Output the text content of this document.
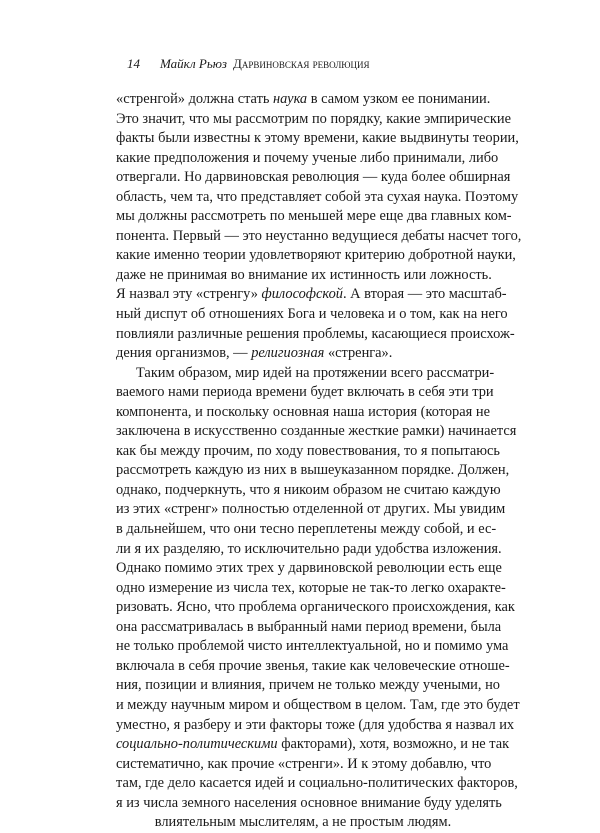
14 Майкл Рьюз Дарвиновская революция
«стренгой» должна стать наука в самом узком ее понимании.
Это значит, что мы рассмотрим по порядку, какие эмпирические
факты были известны к этому времени, какие выдвинуты теории,
какие предположения и почему ученые либо принимали, либо
отвергали. Но дарвиновская революция — куда более обширная
область, чем та, что представляет собой эта сухая наука. Поэтому
мы должны рассмотреть по меньшей мере еще два главных ком-
понента. Первый — это неустанно ведущиеся дебаты насчет того,
какие именно теории удовлетворяют критерию добротной науки,
даже не принимая во внимание их истинность или ложность.
Я назвал эту «стренгу» философской. А вторая — это масштаб-
ный диспут об отношениях Бога и человека и о том, как на него
повлияли различные решения проблемы, касающиеся происхож-
дения организмов, — религиозная «стренга».
Таким образом, мир идей на протяжении всего рассматри-
ваемого нами периода времени будет включать в себя эти три
компонента, и поскольку основная наша история (которая не
заключена в искусственно созданные жесткие рамки) начинается
как бы между прочим, по ходу повествования, то я попытаюсь
рассмотреть каждую из них в вышеуказанном порядке. Должен,
однако, подчеркнуть, что я никоим образом не считаю каждую
из этих «стренг» полностью отделенной от других. Мы увидим
в дальнейшем, что они тесно переплетены между собой, и ес-
ли я их разделяю, то исключительно ради удобства изложения.
Однако помимо этих трех у дарвиновской революции есть еще
одно измерение из числа тех, которые не так-то легко охарактe-
ризовать. Ясно, что проблема органического происхождения, как
она рассматривалась в выбранный нами период времени, была
не только проблемой чисто интеллектуальной, но и помимо ума
включала в себя прочие звенья, такие как человеческие отноше-
ния, позиции и влияния, причем не только между учеными, но
и между научным миром и обществом в целом. Там, где это будет
уместно, я разберу и эти факторы тоже (для удобства я назвал их
социально-политическими факторами), хотя, возможно, и не так
систематично, как прочие «стренги». И к этому добавлю, что
там, где дело касается идей и социально-политических факторов,
я из числа земного населения основное внимание буду уделять
влиятельным мыслителям, а не простым людям.
